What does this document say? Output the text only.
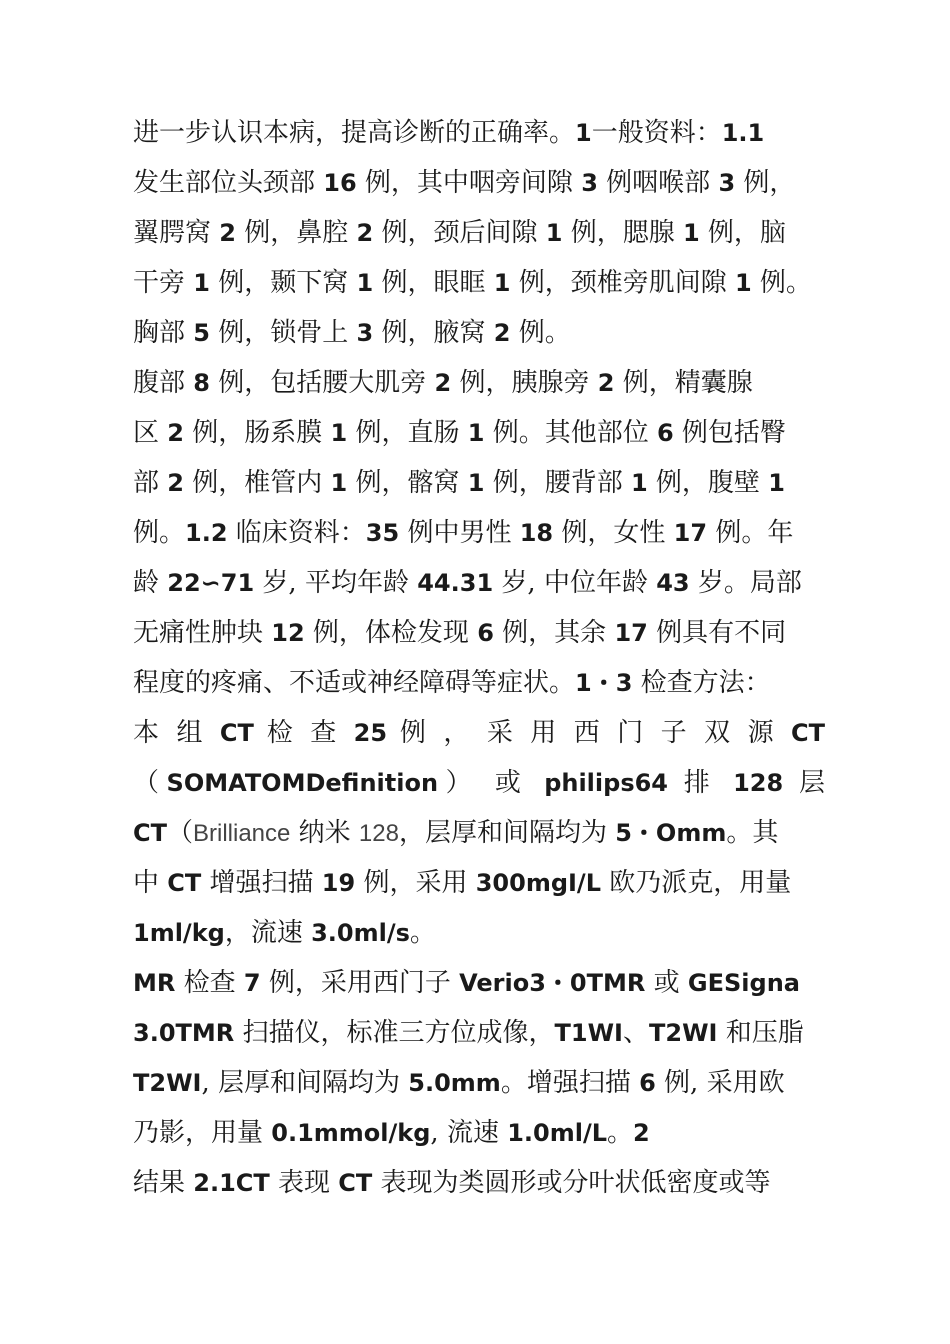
进一步认识本病，提高诊断的正确率。1一般资料：1.1
发生部位头颈部 16 例，其中咽旁间隙 3 例咽喉部 3 例，
翼腭窝 2 例，鼻腔 2 例，颈后间隙 1 例，腮腺 1 例，脑
干旁 1 例，颞下窝 1 例，眼眶 1 例，颈椎旁肌间隙 1 例。
胸部 5 例，锁骨上 3 例，腋窝 2 例。
腹部 8 例，包括腰大肌旁 2 例，胰腺旁 2 例，精囊腺
区 2 例，肠系膜 1 例，直肠 1 例。其他部位 6 例包括臀
部 2 例，椎管内 1 例，髂窝 1 例，腰背部 1 例，腹壁 1
例。1.2 临床资料：35 例中男性 18 例，女性 17 例。年
龄 22∽71 岁, 平均年龄 44.31 岁, 中位年龄 43 岁。局部
无痛性肿块 12 例，体检发现 6 例，其余 17 例具有不同
程度的疼痛、不适或神经障碍等症状。1・3 检查方法：
本 组 CT 检 查 25 例 ， 采 用 西 门 子 双 源 CT
（SOMATOMDefinition） 或 philips64 排 128 层
CT（Brilliance 纳米 128，层厚和间隔均为 5・Omm。其
中 CT 增强扫描 19 例，采用 300mgI/L 欧乃派克，用量
1ml/kg，流速 3.0ml/s。
MR 检查 7 例，采用西门子 Verio3・0TMR 或 GESigna
3.0TMR 扫描仪，标准三方位成像，T1WI、T2WI 和压脂
T2WI, 层厚和间隔均为 5.0mm。增强扫描 6 例, 采用欧
乃影，用量 0.1mmol/kg, 流速 1.0ml/L。2
结果 2.1CT 表现 CT 表现为类圆形或分叶状低密度或等
